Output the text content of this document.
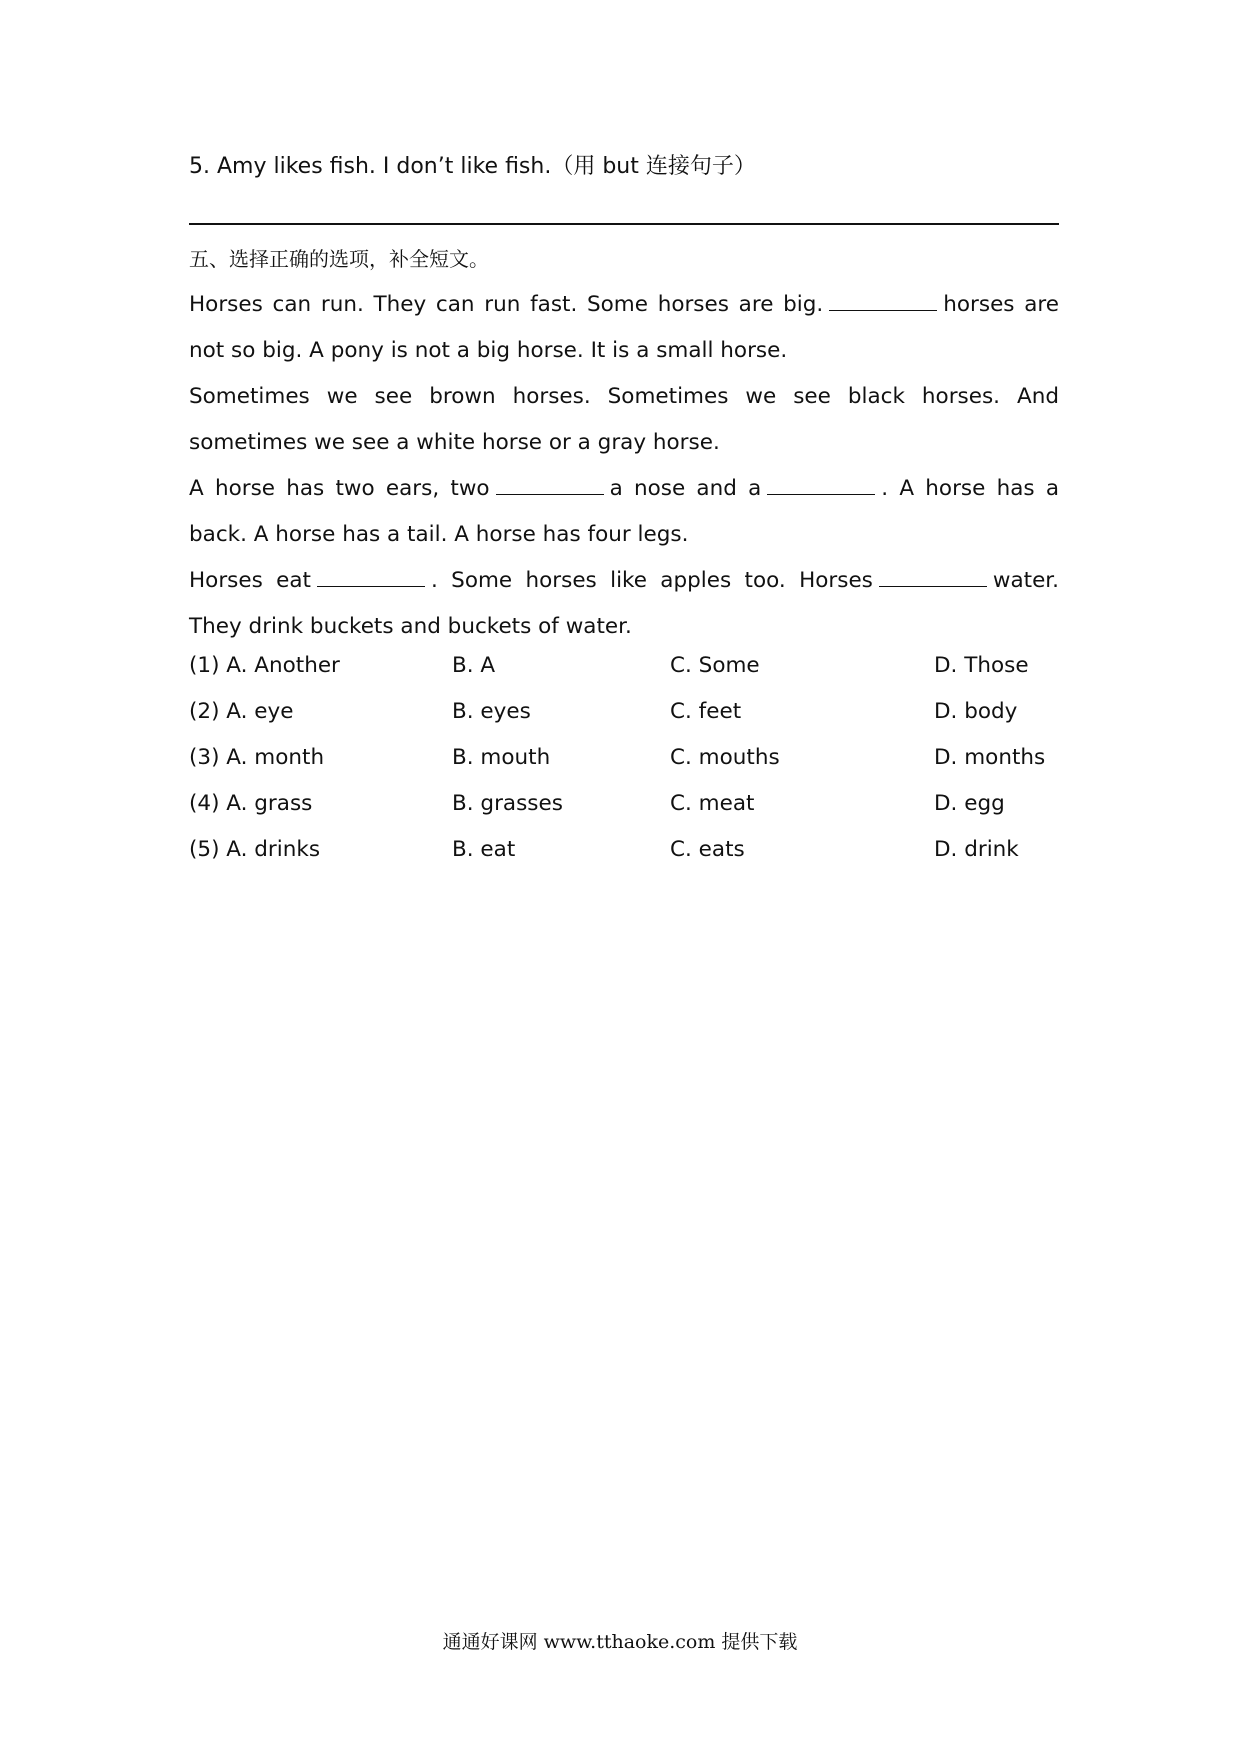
5. Amy likes fish. I don’t like fish.（用 but 连接句子）
五、选择正确的选项，补全短文。

Horses can run. They can run fast. Some horses are big.	horses are not so big. A pony is not a big horse. It is a small horse.

Sometimes we see brown horses. Sometimes we see black horses. And sometimes we see a white horse or a gray horse.

A horse has two ears, two	a nose and a	. A horse has a back. A horse has a tail. A horse has four legs.

Horses eat	. Some horses like apples too. Horses	water. They drink buckets and buckets of water.

(1) A. Another	B. A	C. Some	D. Those
(2) A. eye	B. eyes	C. feet	D. body
(3) A. month	B. mouth	C. mouths	D. months
(4) A. grass	B. grasses	C. meat	D. egg
(5) A. drinks	B. eat	C. eats	D. drink
通通好课网 www.tthaoke.com 提供下载
